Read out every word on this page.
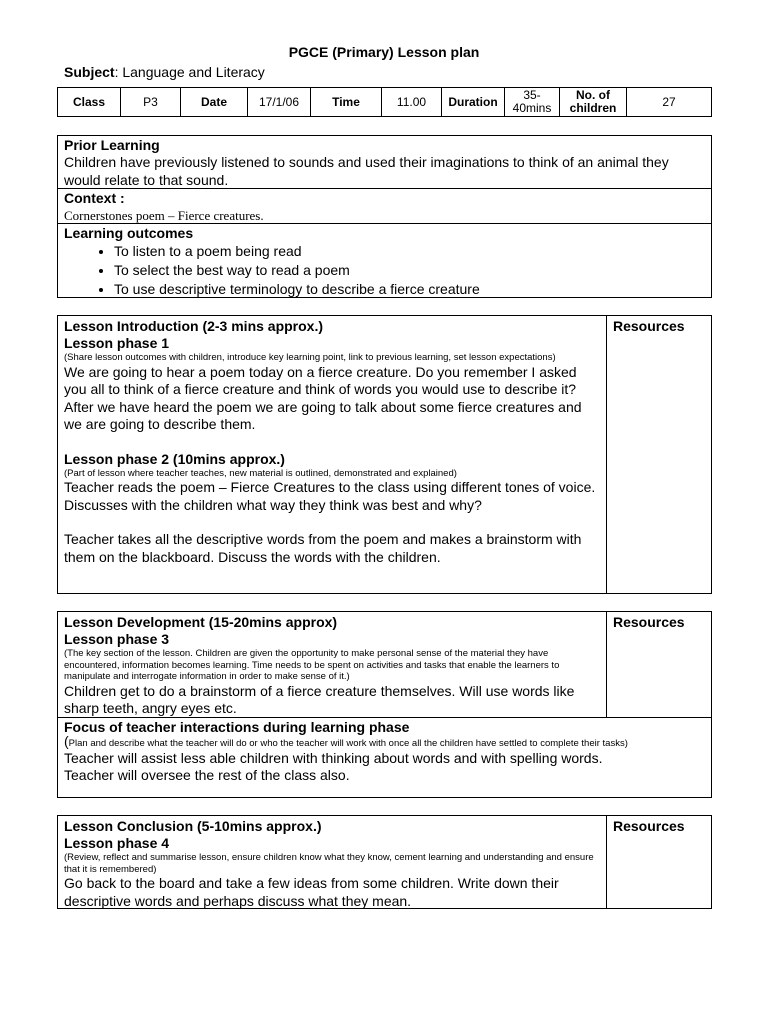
PGCE (Primary) Lesson plan
Subject: Language and Literacy
Class	P3	Date	17/1/06	Time	11.00	Duration	35-40mins	No. of children	27
Prior Learning
Children have previously listened to sounds and used their imaginations to think of an animal they would relate to that sound.
Context :
Cornerstones poem – Fierce creatures.
Learning outcomes
• To listen to a poem being read
• To select the best way to read a poem
• To use descriptive terminology to describe a fierce creature
Lesson Introduction (2-3 mins approx.)
Lesson phase 1
(Share lesson outcomes with children, introduce key learning point, link to previous learning, set lesson expectations)
We are going to hear a poem today on a fierce creature. Do you remember I asked you all to think of a fierce creature and think of words you would use to describe it? After we have heard the poem we are going to talk about some fierce creatures and we are going to describe them.
Lesson phase 2 (10mins approx.)
(Part of lesson where teacher teaches, new material is outlined, demonstrated and explained)
Teacher reads the poem – Fierce Creatures to the class using different tones of voice.
Discusses with the children what way they think was best and why?
Teacher takes all the descriptive words from the poem and makes a brainstorm with them on the blackboard. Discuss the words with the children.
Resources
Lesson Development (15-20mins approx)
Lesson phase 3
(The key section of the lesson. Children are given the opportunity to make personal sense of the material they have encountered, information becomes learning. Time needs to be spent on activities and tasks that enable the learners to manipulate and interrogate information in order to make sense of it.)
Children get to do a brainstorm of a fierce creature themselves. Will use words like sharp teeth, angry eyes etc.
Resources
Focus of teacher interactions during learning phase
(Plan and describe what the teacher will do or who the teacher will work with once all the children have settled to complete their tasks)
Teacher will assist less able children with thinking about words and with spelling words.
Teacher will oversee the rest of the class also.
Lesson Conclusion (5-10mins approx.)
Lesson phase 4
(Review, reflect and summarise lesson, ensure children know what they know, cement learning and understanding and ensure that it is remembered)
Go back to the board and take a few ideas from some children. Write down their descriptive words and perhaps discuss what they mean.
Resources
